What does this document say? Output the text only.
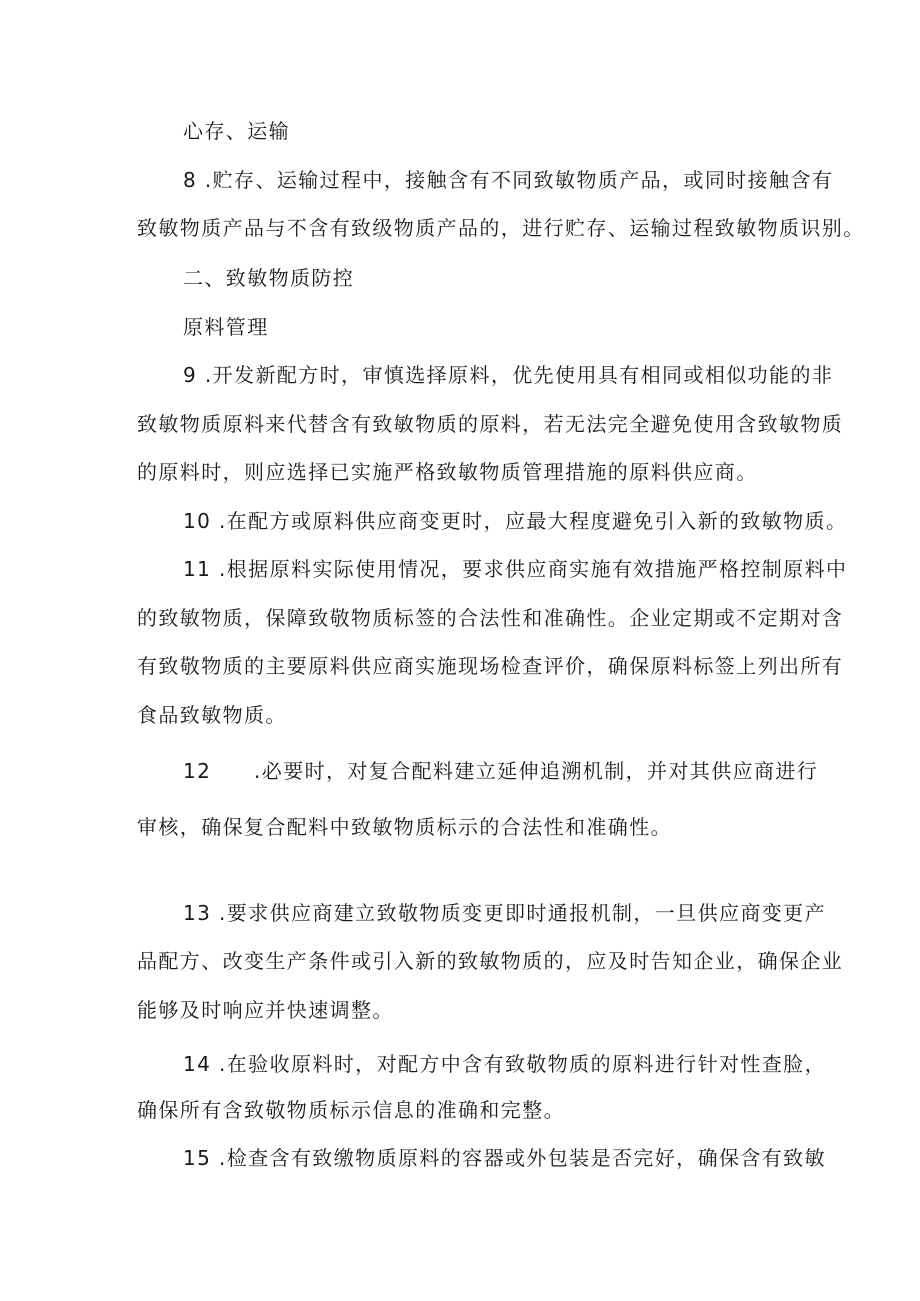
心存、运输
8 .贮存、运输过程中，接触含有不同致敏物质产品，或同时接触含有
致敏物质产品与不含有致级物质产品的，进行贮存、运输过程致敏物质识别。
二、致敏物质防控
原料管理
9 .开发新配方时，审慎选择原料，优先使用具有相同或相似功能的非
致敏物质原料来代替含有致敏物质的原料，若无法完全避免使用含致敏物质
的原料时，则应选择已实施严格致敏物质管理措施的原料供应商。
10 .在配方或原料供应商变更时，应最大程度避免引入新的致敏物质。
11 .根据原料实际使用情况，要求供应商实施有效措施严格控制原料中
的致敏物质，保障致敬物质标签的合法性和准确性。企业定期或不定期对含
有致敬物质的主要原料供应商实施现场检查评价，确保原料标签上列出所有
食品致敏物质。
12　　.必要时，对复合配料建立延伸追溯机制，并对其供应商进行
审核，确保复合配料中致敏物质标示的合法性和准确性。
13 .要求供应商建立致敬物质变更即时通报机制，一旦供应商变更产
品配方、改变生产条件或引入新的致敏物质的，应及时告知企业，确保企业
能够及时响应并快速调整。
14 .在验收原料时，对配方中含有致敬物质的原料进行针对性查脸，
确保所有含致敬物质标示信息的准确和完整。
15 .检查含有致缴物质原料的容器或外包装是否完好，确保含有致敏
